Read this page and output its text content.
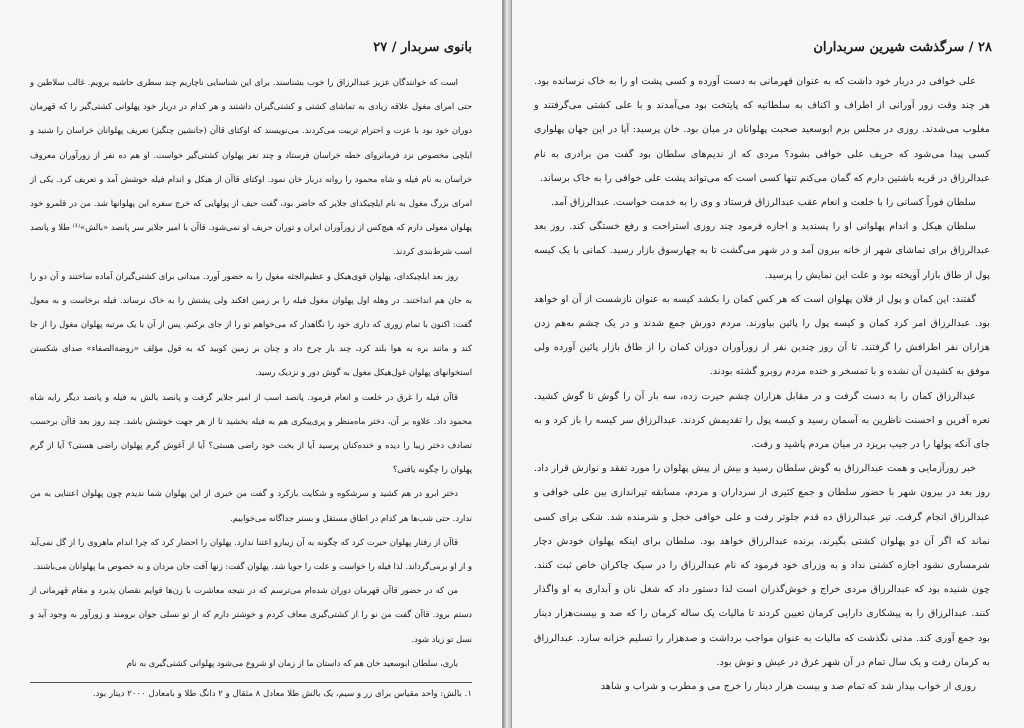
بانوی سربدار / ۲۷

است که خوانندگان عزیز عبدالرزاق را خوب بشناسند. برای این شناسایی ناچاریم چند سطری حاشیه برویم. غالب سلاطین و حتی امرای مغول علاقه زیادی به تماشای کشتی و کشتی‌گیران داشتند و هر کدام در دربار خود پهلوانی کشتی‌گیر را که قهرمان دوران خود بود با عزت و احترام تربیت می‌کردند. می‌نویسند که اوکتای قاآن (جانشین چنگیز) تعریف پهلوانان خراسان را شنید و ایلچی مخصوص نزد فرمانروای خطه خراسان فرستاد و چند نفر پهلوان کشتی‌گیر خواست. او هم ده نفر از زورآوران معروف خراسان به نام فیله و شاه محمود را روانه دربار خان نمود. اوکتای قاآن از هیکل و اندام فیله خوشش آمد و تعریف کرد. یکی از امرای بزرگ مغول به نام ایلچیکدای جلایر که حاضر بود، گفت حیف از پولهایی که خرج سفره این پهلوانها شد. من در قلمرو خود پهلوان معولی دارم که هیچ‌کس از زورآوران ایران و توران حریف او نمی‌شود. قاآن با امیر جلایر سر پانصد «بالش»⁽¹⁾ طلا و پانصد اسب شرط‌بندی کردند.

روز بعد ایلچیکدای، پهلوان قوی‌هیکل و عظیم‌الجثه مغول را به حضور آورد. میدانی برای کشتی‌گیران آماده ساختند و آن دو را به جان هم انداختند. در وهله اول پهلوان مغول فیله را بر زمین افکند ولی پشتش را به خاک نرساند. فیله برخاست و به معول گفت: اکنون با تمام زوری که داری خود را نگاهدار که می‌خواهم تو را از جای برکنم. پس از آن با یک مرتبه پهلوان مغول را از جا کند و مانند بره به هوا بلند کرد، چند بار چرخ داد و چنان بر زمین کوبید که به قول مؤلف «روضة‌الصفاء» صدای شکستن استخوانهای پهلوان غول‌هیکل مغول به گوش دور و نزدیک رسید.

قاآن فیله را غرق در خلعت و انعام فرمود. پانصد اسب از امیر جلایر گرفت و پانصد بالش به فیله و پانصد دیگر رابه شاه محمود داد. علاوه بر آن، دختر ماه‌منظر و پری‌پیکری هم به فیله بخشید تا از هر جهت خوشش باشد. چند روز بعد قاآن برحسب تصادف دختر زیبا را دیده و خنده‌کنان پرسید آیا از بخت خود راضی هستی؟ آیا از آغوش گرم پهلوان راضی هستی؟ آیا از گرم پهلوان را چگونه یافتی؟

دختر ابرو در هم کشید و سرشکوه و شکایت بازکرد و گفت من خبری از این پهلوان شما ندیدم چون پهلوان اعتنایی به من ندارد. حتی شب‌ها هر کدام در اطاق مستقل و بستر جداگانه می‌خوابیم.

قاآن از رفتار پهلوان حیرت کرد که چگونه به آن زیبارو اعتنا ندارد. پهلوان را احضار کرد که چرا اندام ماهروی را از گل نمی‌آید و از او برمی‌گرداند. لذا فیله را خواست و علت را جویا شد. پهلوان گفت: زنها آفت جان مردان و به خصوص ما پهلوانان می‌باشند.

من که در حضور قاآن قهرمان دوران شده‌ام می‌ترسم که در نتیجه معاشرت با زن‌ها قوایم نقصان پذیرد و مقام قهرمانی از دستم برود. قاآن گفت من نو را از کشتی‌گیری معاف کردم و خوشتر دارم که از تو نسلی جوان برومند و زورآور به وجود آید و نسل تو زیاد شود.

باری، سلطان ابوسعید خان هم که داستان ما از زمان او شروع می‌شود پهلوانی کشتی‌گیری به نام

۱. بالش: واحد مقیاس برای زر و سیم، یک بالش طلا معادل ۸ مثقال و ۲ دانگ طلا و بامعادل ۲۰۰۰ دینار بود.
۲۸ / سرگذشت شیرین سربداران

علی خوافی در دربار خود داشت که به عنوان قهرمانی به دست آورده و کسی پشت او را به خاک نرسانده بود. هر چند وقت زور آورانی از اطراف و اکناف به سلطانیه که پایتخت بود می‌آمدند و با علی کشتی می‌گرفتند و مغلوب می‌شدند. روزی در مجلس بزم ابوسعید صحبت پهلوانان در میان بود. خان پرسید: آیا در این جهان پهلواری کسی پیدا می‌شود که حریف علی خوافی بشود؟ مردی که از ندیم‌های سلطان بود گفت من برادری به نام عبدالرزاق در قریه باشتین دارم که گمان می‌کنم تنها کسی است که می‌تواند پشت علی خوافی را به خاک برساند.

سلطان فوراً کسانی را با خلعت و انعام عقب عبدالرزاق فرستاد و وی را به خدمت خواست. عبدالرزاق آمد.

سلطان هیکل و اندام پهلوانی او را پسندید و اجازه فرمود چند روزی استراحت و رفع خستگی کند. روز بعد عبدالرزاق برای تماشای شهر از خانه بیرون آمد و در شهر می‌گشت تا به چهارسوق بازار رسید. کمانی با یک کیسه پول از طاق بازار آویخته بود و علت این نمایش را پرسید.

گفتند: این کمان و پول از فلان پهلوان است که هر کس کمان را بکشد کیسه به عنوان نازشست از آن او خواهد بود. عبدالرزاق امر کرد کمان و کیسه پول را پائین بیاورند. مردم دورش جمع شدند و در یک چشم به‌هم زدن هزاران نفر اطرافش را گرفتند. تا آن روز چندین نفر از زورآوران دوران کمان را از طاق بازار پائین آورده ولی موفق به کشیدن آن نشده و با تمسخر و خنده مردم روبرو گشته بودند.

عبدالرزاق کمان را به دست گرفت و در مقابل هزاران چشم حیرت زده، سه بار آن را گوش تا گوش کشید. نعره آفرین و احسنت ناظرین به آسمان رسید و کیسه پول را تقدیمش کردند. عبدالرزاق سر کیسه را باز کرد و به جای آنکه پولها را در جیب بریزد در میان مردم پاشید و رفت.

خبر زورآزمایی و همت عبدالرزاق به گوش سلطان رسید و بیش از پیش پهلوان را مورد تفقد و نوازش قرار داد. روز بعد در بیرون شهر با حضور سلطان و جمع کثیری از سرداران و مردم، مسابقه تیراندازی بین علی خوافی و عبدالرزاق انجام گرفت. تیر عبدالرزاق ده قدم جلوتر رفت و علی خوافی خجل و شرمنده شد. شکی برای کسی نماند که اگر آن دو پهلوان کشتی بگیرند، برنده عبدالرزاق خواهد بود. سلطان برای اینکه پهلوان خودش دچار شرمساری نشود اجازه کشتی نداد و به وزرای خود فرمود که نام عبدالرزاق را در سیک چاکران خاص ثبت کنند. چون شنیده بود که عبدالرزاق مردی خراج و خوش‌گذران است لذا دستور داد که شغل نان و آبداری به او واگذار کنند. عبدالرزاق را به پیشکاری دارایی کرمان تعیین کردند تا مالیات یک ساله کرمان را که صد و بیست‌هزار دینار بود جمع آوری کند. مدتی نگذشت که مالیات به عنوان مواجب برداشت و صدهزار را تسلیم خزانه سازد. عبدالرزاق به کرمان رفت و یک سال تمام در آن شهر غرق در عیش و نوش بود.

روزی از خواب بیدار شد که تمام صد و بیست هزار دینار را خرج می و مطرب و شراب و شاهد
